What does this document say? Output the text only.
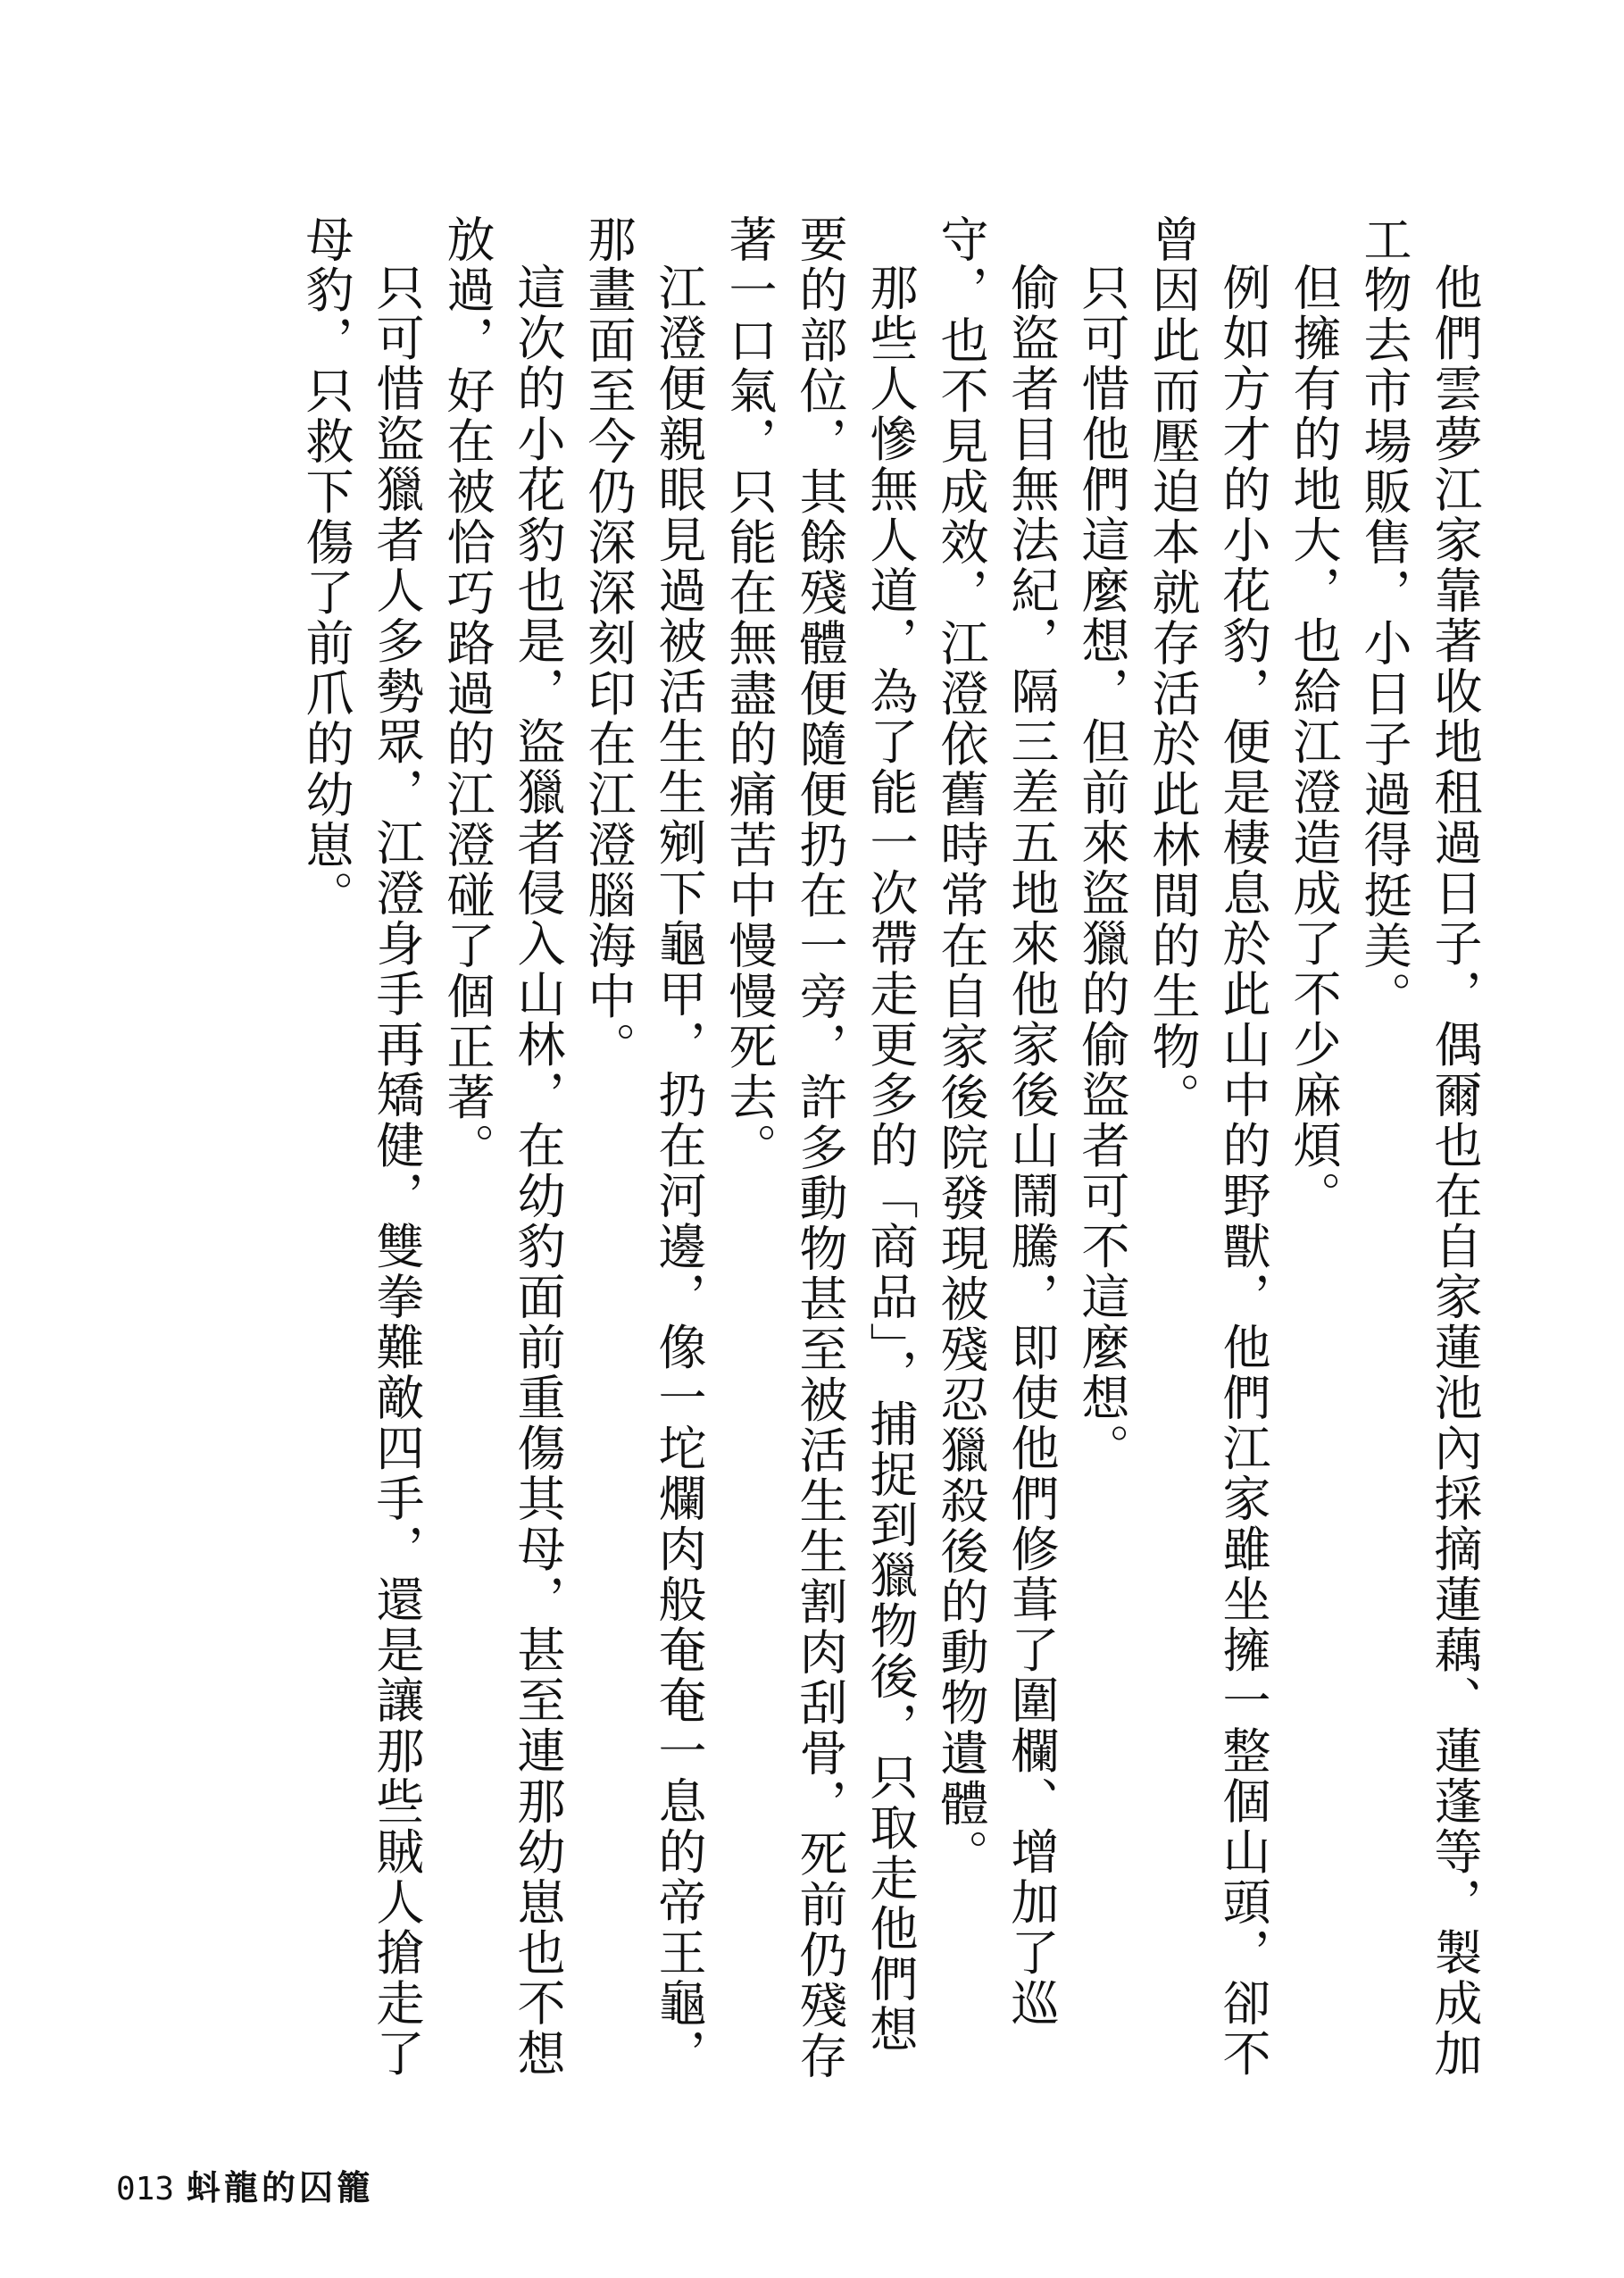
他們雲夢江家靠著收地租過日子，偶爾也在自家蓮池內採摘蓮藕、蓮蓬等，製成加工物去市場販售，小日子過得挺美。

但擁有的地大，也給江澄造成了不少麻煩。

例如方才的小花豹，便是棲息於此山中的野獸，他們江家雖坐擁一整個山頭，卻不曾因此而壓迫本就存活於此林間的生物。

只可惜他們這麼想，但前來盜獵的偷盜者可不這麼想。

偷盜者目無法紀，隔三差五地來他家後山鬧騰，即使他們修葺了圍欄、增加了巡守，也不見成效，江澄依舊時常在自家後院發現被殘忍獵殺後的動物遺體。

那些人慘無人道，為了能一次帶走更多的「商品」，捕捉到獵物後，只取走他們想要的部位，其餘殘體便隨便扔在一旁，許多動物甚至被活生生割肉刮骨，死前仍殘存著一口氣，只能在無盡的痛苦中慢慢死去。

江澄便親眼見過被活生生剜下龜甲，扔在河邊，像一坨爛肉般奄奄一息的帝王龜，那畫面至今仍深深刻印在江澄腦海中。

這次的小花豹也是，盜獵者侵入山林，在幼豹面前重傷其母，甚至連那幼崽也不想放過，好在被恰巧路過的江澄碰了個正著。

只可惜盜獵者人多勢眾，江澄身手再矯健，雙拳難敵四手，還是讓那些賊人搶走了母豹，只救下傷了前爪的幼崽。

013 蚪龍的囚籠
